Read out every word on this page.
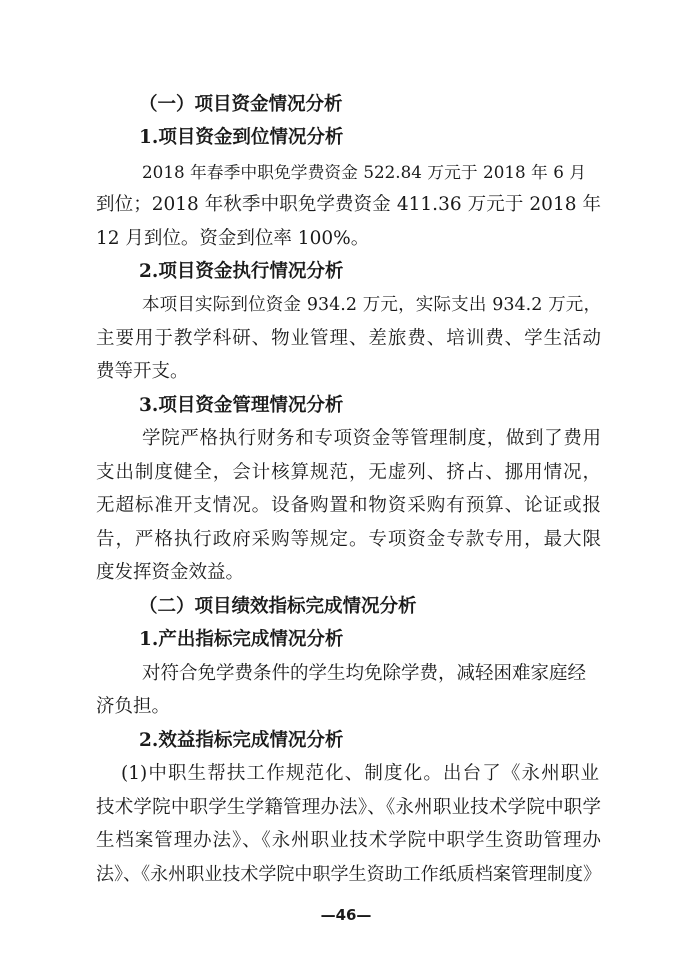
（一）项目资金情况分析
1.项目资金到位情况分析
2018 年春季中职免学费资金 522.84 万元于 2018 年 6 月
到位；2018 年秋季中职免学费资金 411.36 万元于 2018 年
12 月到位。资金到位率 100%。
2.项目资金执行情况分析
本项目实际到位资金 934.2 万元，实际支出 934.2 万元，
主要用于教学科研、物业管理、差旅费、培训费、学生活动
费等开支。
3.项目资金管理情况分析
学院严格执行财务和专项资金等管理制度，做到了费用
支出制度健全，会计核算规范，无虚列、挤占、挪用情况，
无超标准开支情况。设备购置和物资采购有预算、论证或报
告，严格执行政府采购等规定。专项资金专款专用，最大限
度发挥资金效益。
（二）项目绩效指标完成情况分析
1.产出指标完成情况分析
对符合免学费条件的学生均免除学费，减轻困难家庭经
济负担。
2.效益指标完成情况分析
(1)中职生帮扶工作规范化、制度化。出台了《永州职业
技术学院中职学生学籍管理办法》、《永州职业技术学院中职学
生档案管理办法》、《永州职业技术学院中职学生资助管理办
法》、《永州职业技术学院中职学生资助工作纸质档案管理制度》
—46—
